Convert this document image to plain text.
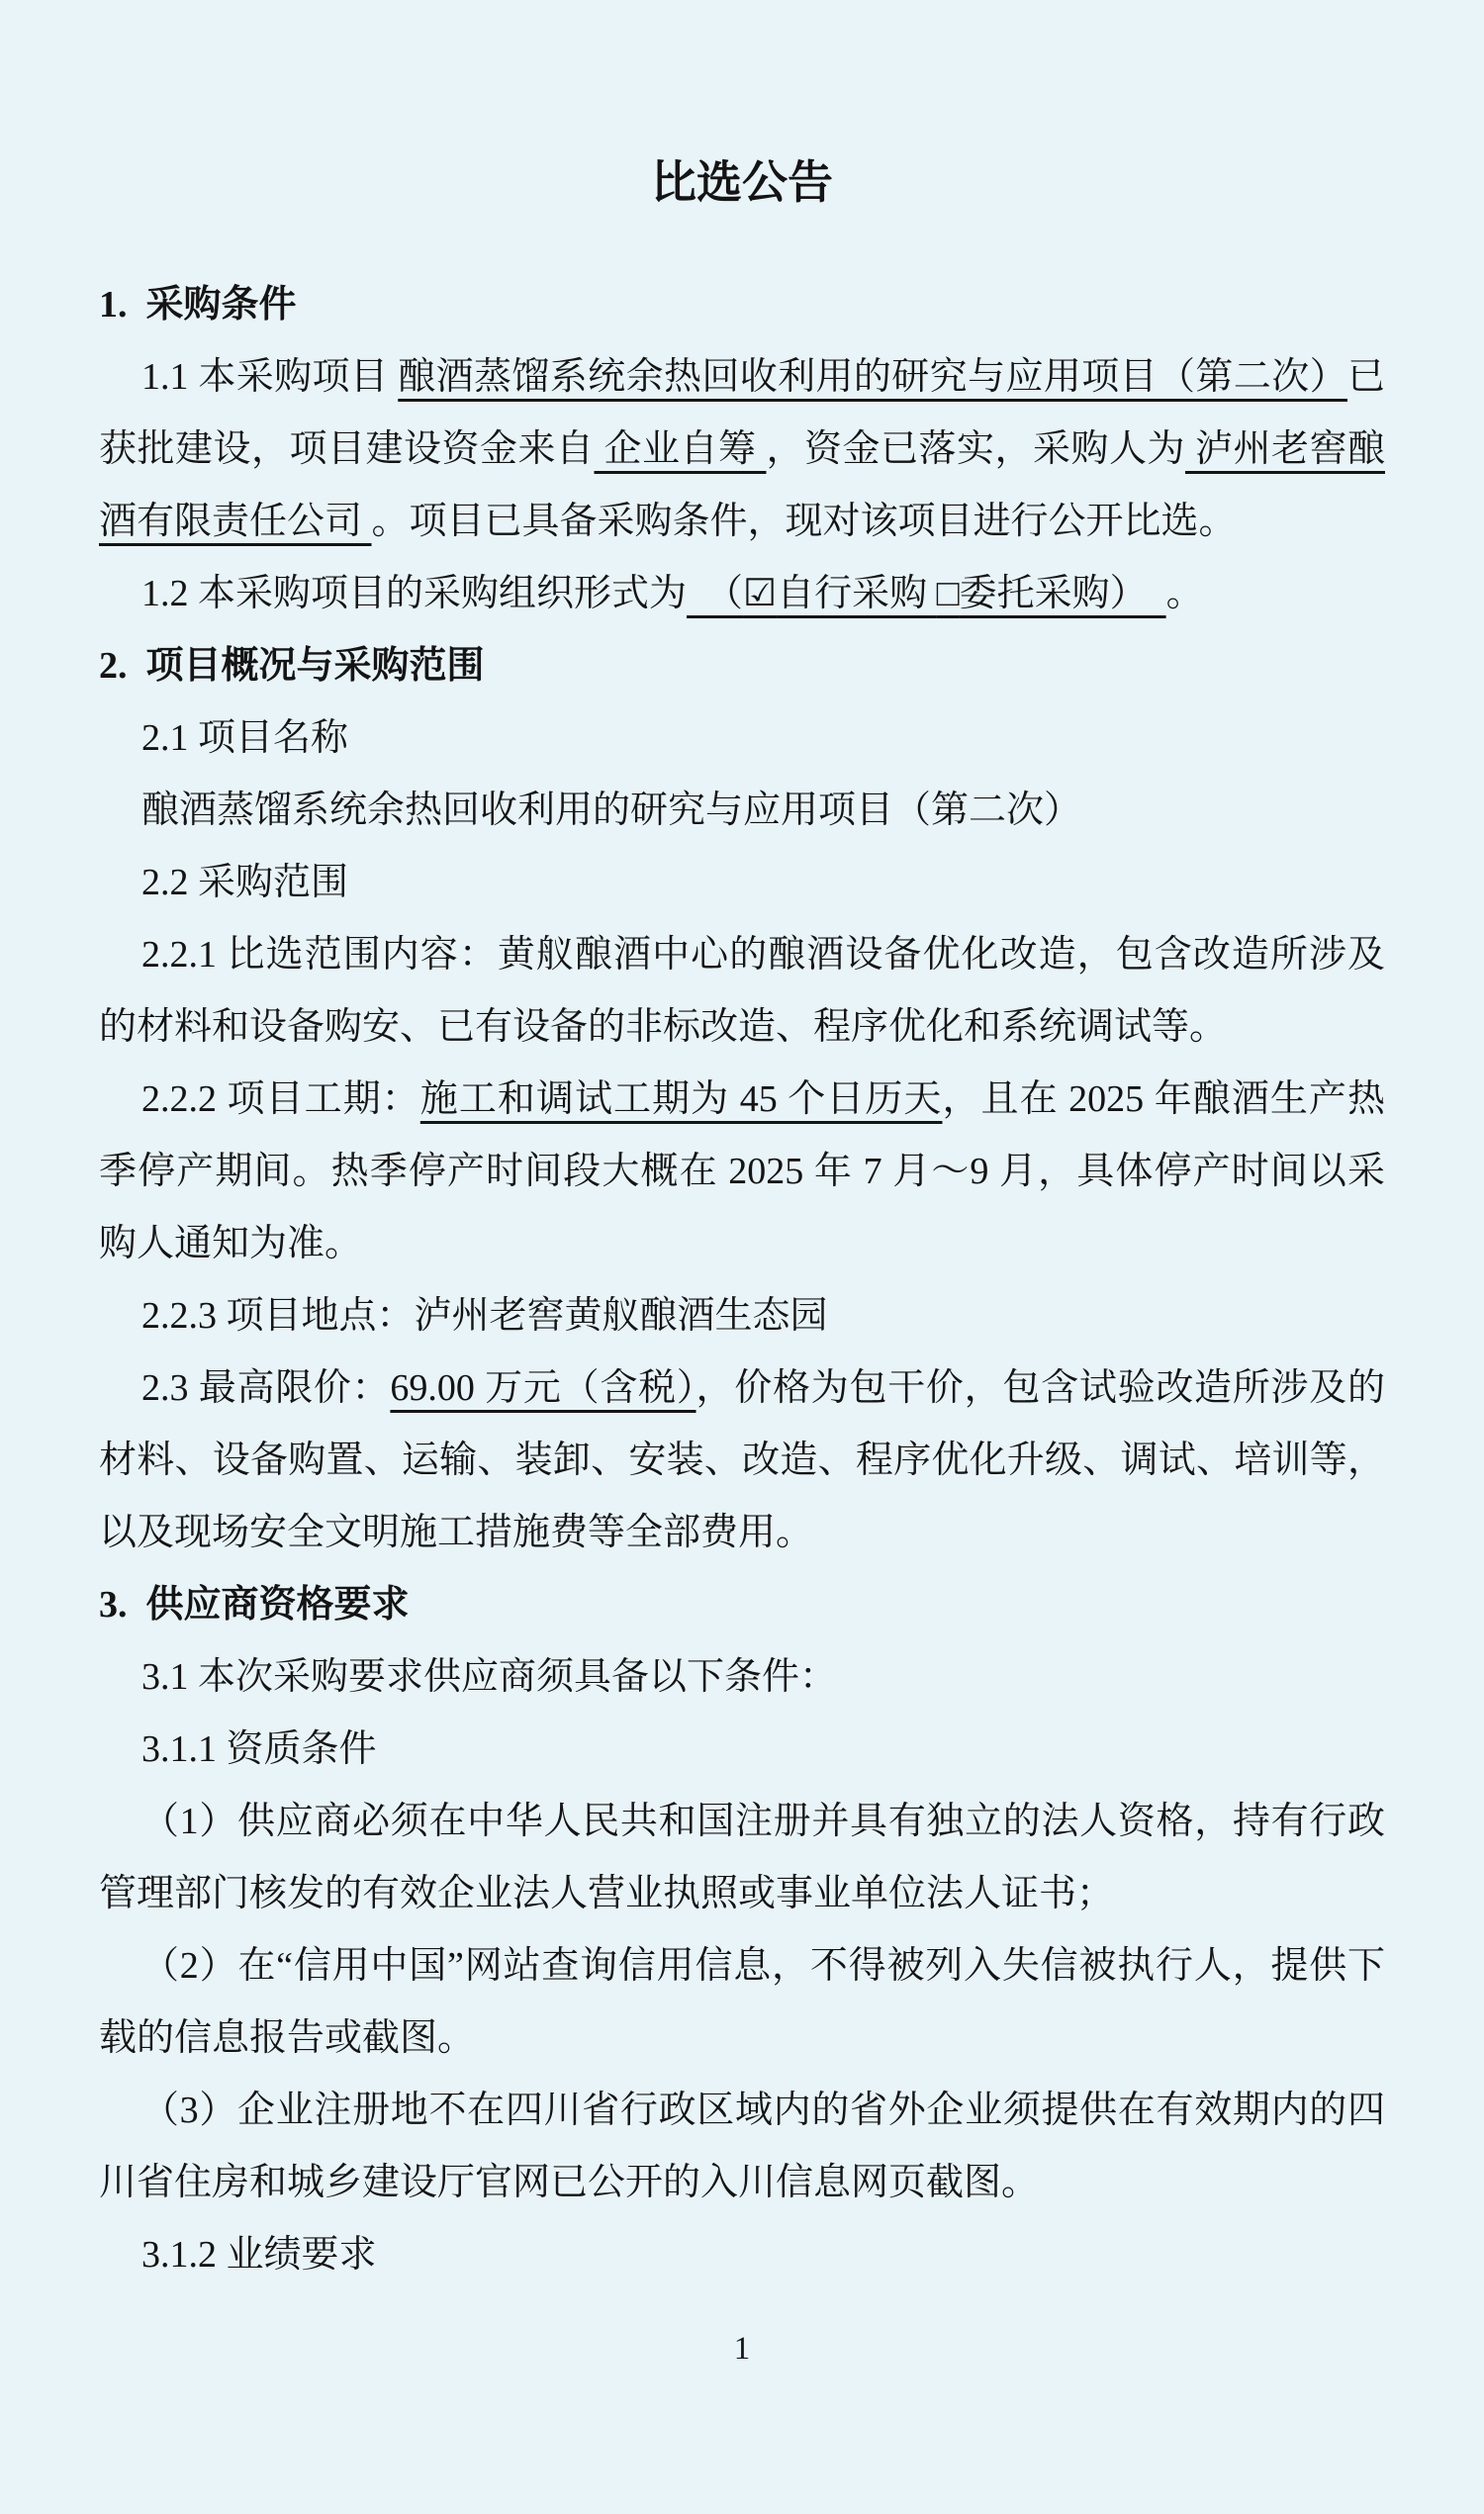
比选公告
1.  采购条件
1.1 本采购项目 酿酒蒸馏系统余热回收利用的研究与应用项目（第二次）已获批建设，项目建设资金来自 企业自筹 ，资金已落实，采购人为 泸州老窖酿酒有限责任公司 。项目已具备采购条件，现对该项目进行公开比选。
1.2 本采购项目的采购组织形式为　（☑自行采购 □委托采购）　。
2.  项目概况与采购范围
2.1 项目名称
酿酒蒸馏系统余热回收利用的研究与应用项目（第二次）
2.2 采购范围
2.2.1 比选范围内容：黄舣酿酒中心的酿酒设备优化改造，包含改造所涉及的材料和设备购安、已有设备的非标改造、程序优化和系统调试等。
2.2.2 项目工期：施工和调试工期为 45 个日历天，且在 2025 年酿酒生产热季停产期间。热季停产时间段大概在 2025 年 7 月～9 月，具体停产时间以采购人通知为准。
2.2.3 项目地点：泸州老窖黄舣酿酒生态园
2.3 最高限价：69.00 万元（含税），价格为包干价，包含试验改造所涉及的材料、设备购置、运输、装卸、安装、改造、程序优化升级、调试、培训等，以及现场安全文明施工措施费等全部费用。
3.  供应商资格要求
3.1 本次采购要求供应商须具备以下条件：
3.1.1 资质条件
（1）供应商必须在中华人民共和国注册并具有独立的法人资格，持有行政管理部门核发的有效企业法人营业执照或事业单位法人证书；
（2）在“信用中国”网站查询信用信息，不得被列入失信被执行人，提供下载的信息报告或截图。
（3）企业注册地不在四川省行政区域内的省外企业须提供在有效期内的四川省住房和城乡建设厅官网已公开的入川信息网页截图。
3.1.2 业绩要求
1
